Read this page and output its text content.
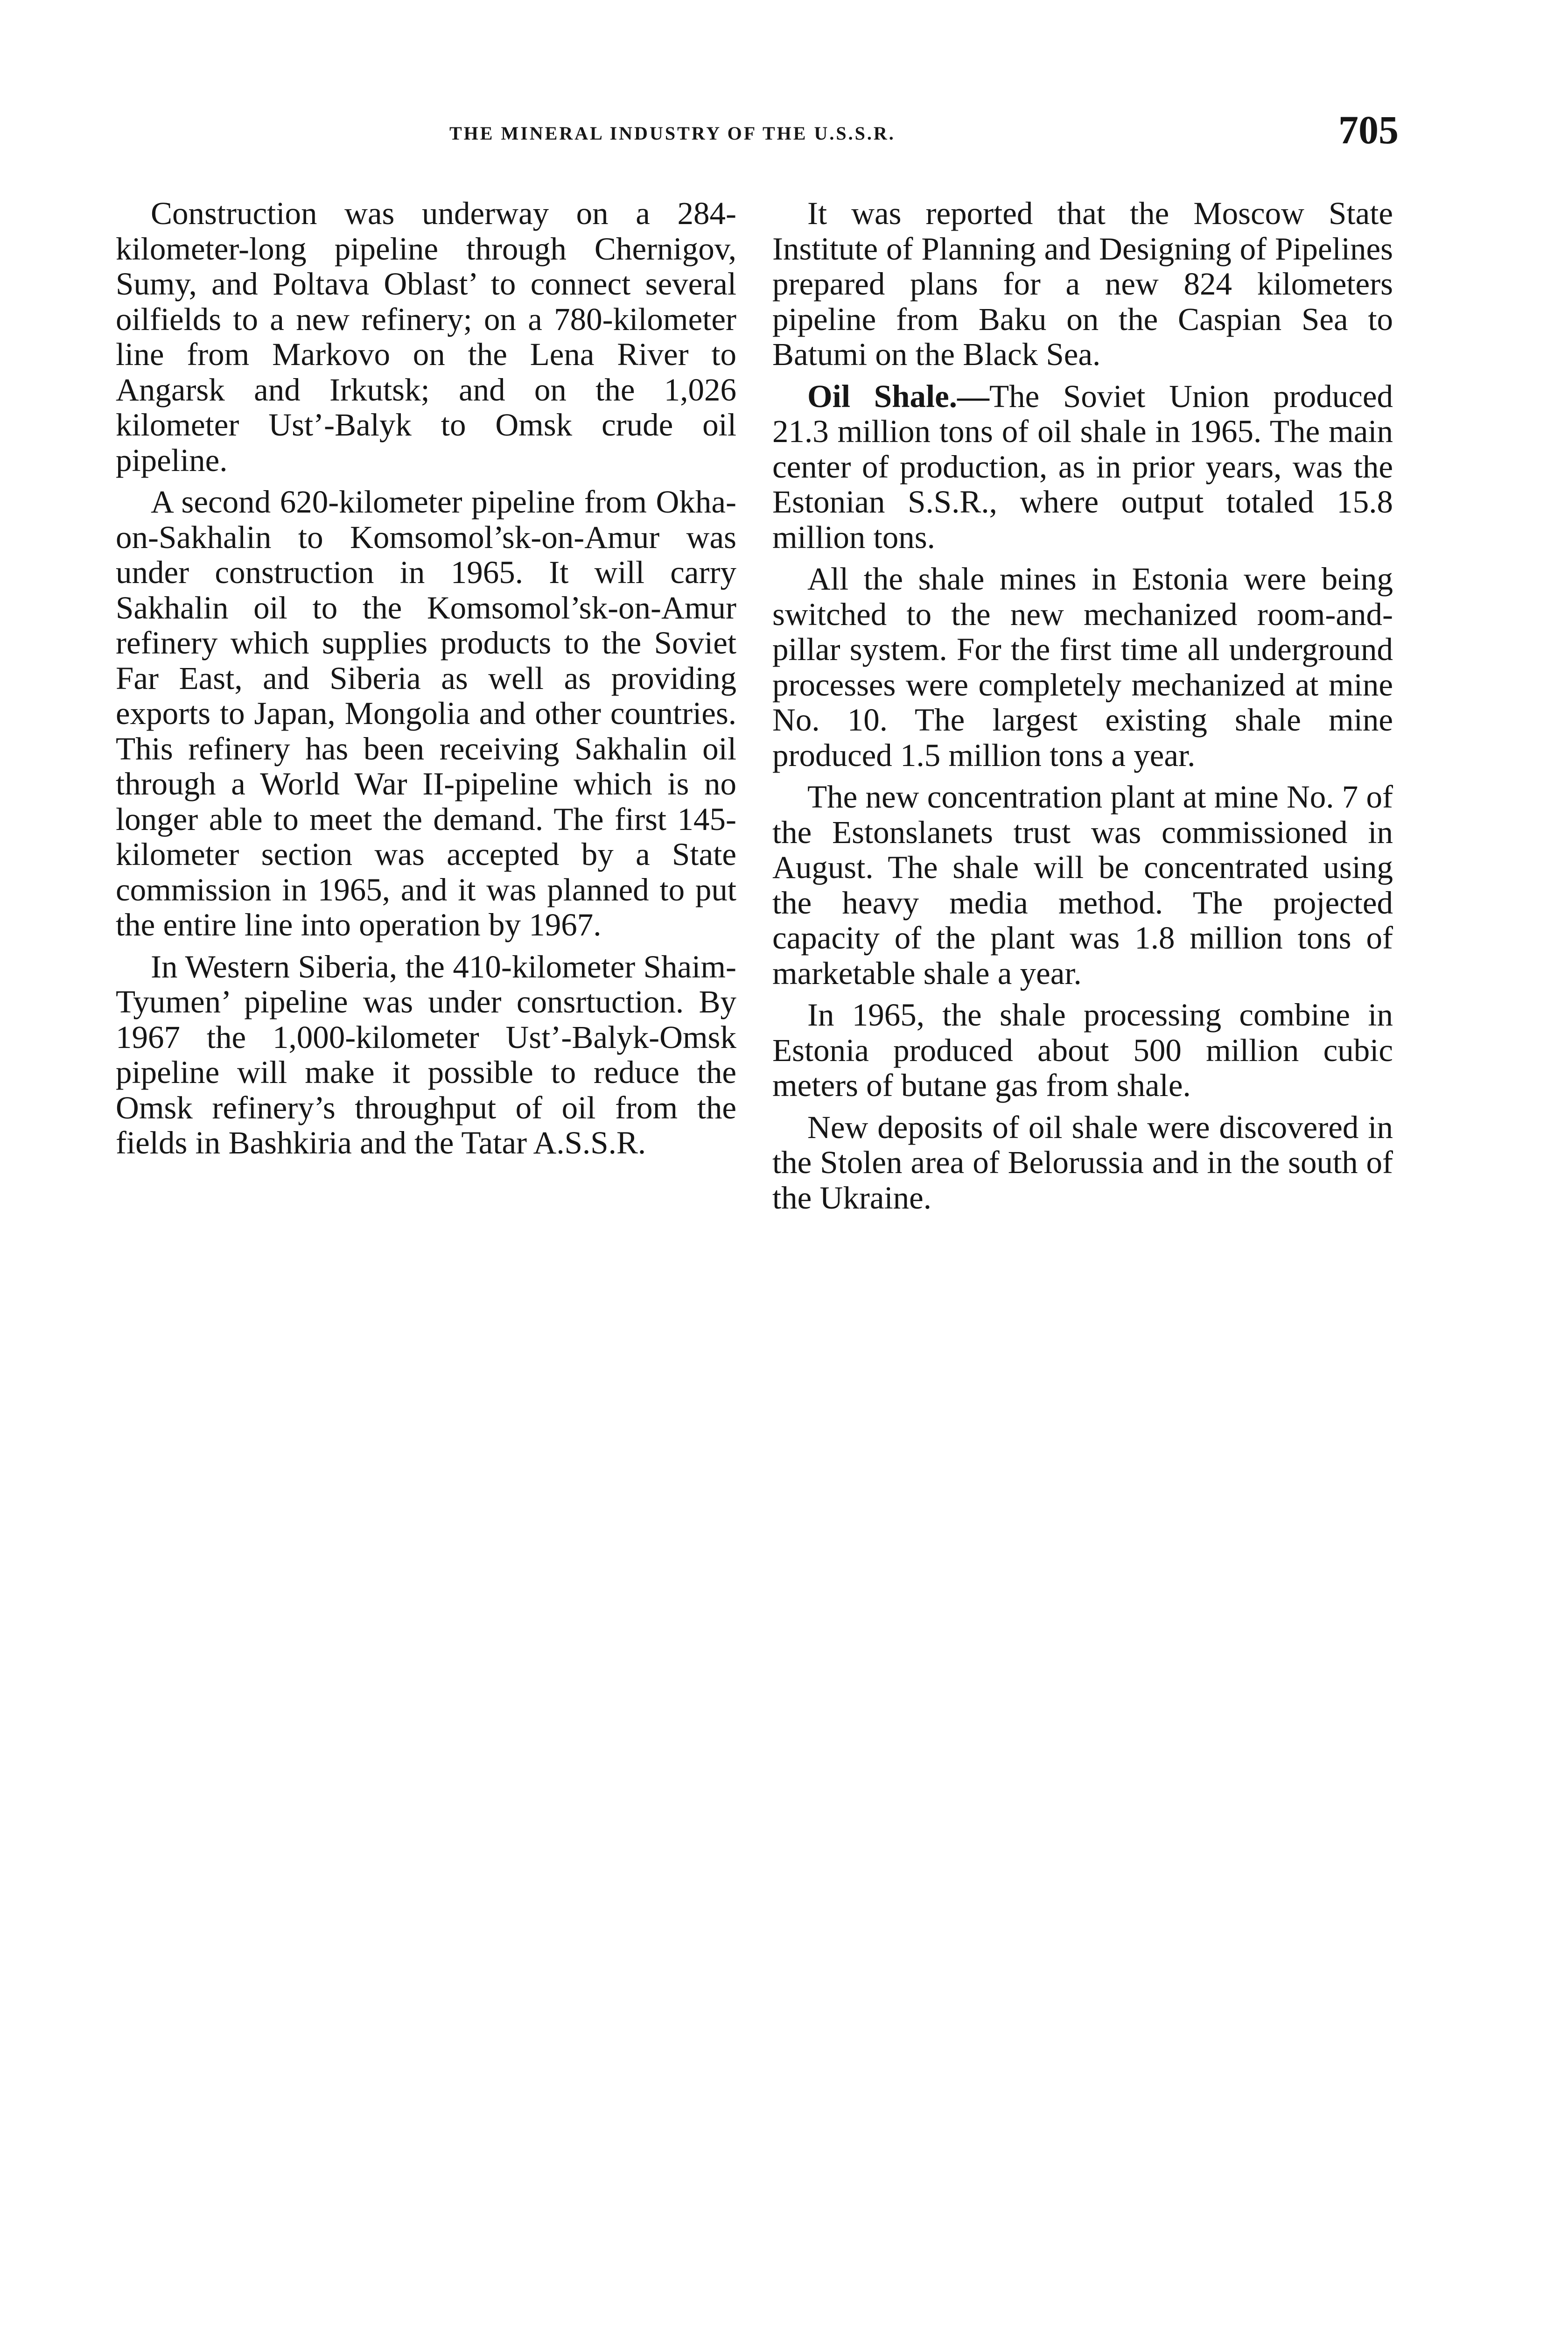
THE MINERAL INDUSTRY OF THE U.S.S.R.	705

Construction was underway on a 284-kilometer-long pipeline through Chernigov, Sumy, and Poltava Oblast’ to connect several oilfields to a new refinery; on a 780-kilometer line from Markovo on the Lena River to Angarsk and Irkutsk; and on the 1,026 kilometer Ust’-Balyk to Omsk crude oil pipeline.

A second 620-kilometer pipeline from Okha-on-Sakhalin to Komsomol’sk-on-Amur was under construction in 1965. It will carry Sakhalin oil to the Komsomol’sk-on-Amur refinery which supplies products to the Soviet Far East, and Siberia as well as providing exports to Japan, Mongolia and other countries. This refinery has been receiving Sakhalin oil through a World War II-pipeline which is no longer able to meet the demand. The first 145-kilometer section was accepted by a State commission in 1965, and it was planned to put the entire line into operation by 1967.

In Western Siberia, the 410-kilometer Shaim-Tyumen’ pipeline was under consrtuction. By 1967 the 1,000-kilometer Ust’-Balyk-Omsk pipeline will make it possible to reduce the Omsk refinery’s throughput of oil from the fields in Bashkiria and the Tatar A.S.S.R.

It was reported that the Moscow State Institute of Planning and Designing of Pipelines prepared plans for a new 824 kilometers pipeline from Baku on the Caspian Sea to Batumi on the Black Sea.

Oil Shale.—The Soviet Union produced 21.3 million tons of oil shale in 1965. The main center of production, as in prior years, was the Estonian S.S.R., where output totaled 15.8 million tons.

All the shale mines in Estonia were being switched to the new mechanized room-and-pillar system. For the first time all underground processes were completely mechanized at mine No. 10. The largest existing shale mine produced 1.5 million tons a year.

The new concentration plant at mine No. 7 of the Estonslanets trust was commissioned in August. The shale will be concentrated using the heavy media method. The projected capacity of the plant was 1.8 million tons of marketable shale a year.

In 1965, the shale processing combine in Estonia produced about 500 million cubic meters of butane gas from shale.

New deposits of oil shale were discovered in the Stolen area of Belorussia and in the south of the Ukraine.
